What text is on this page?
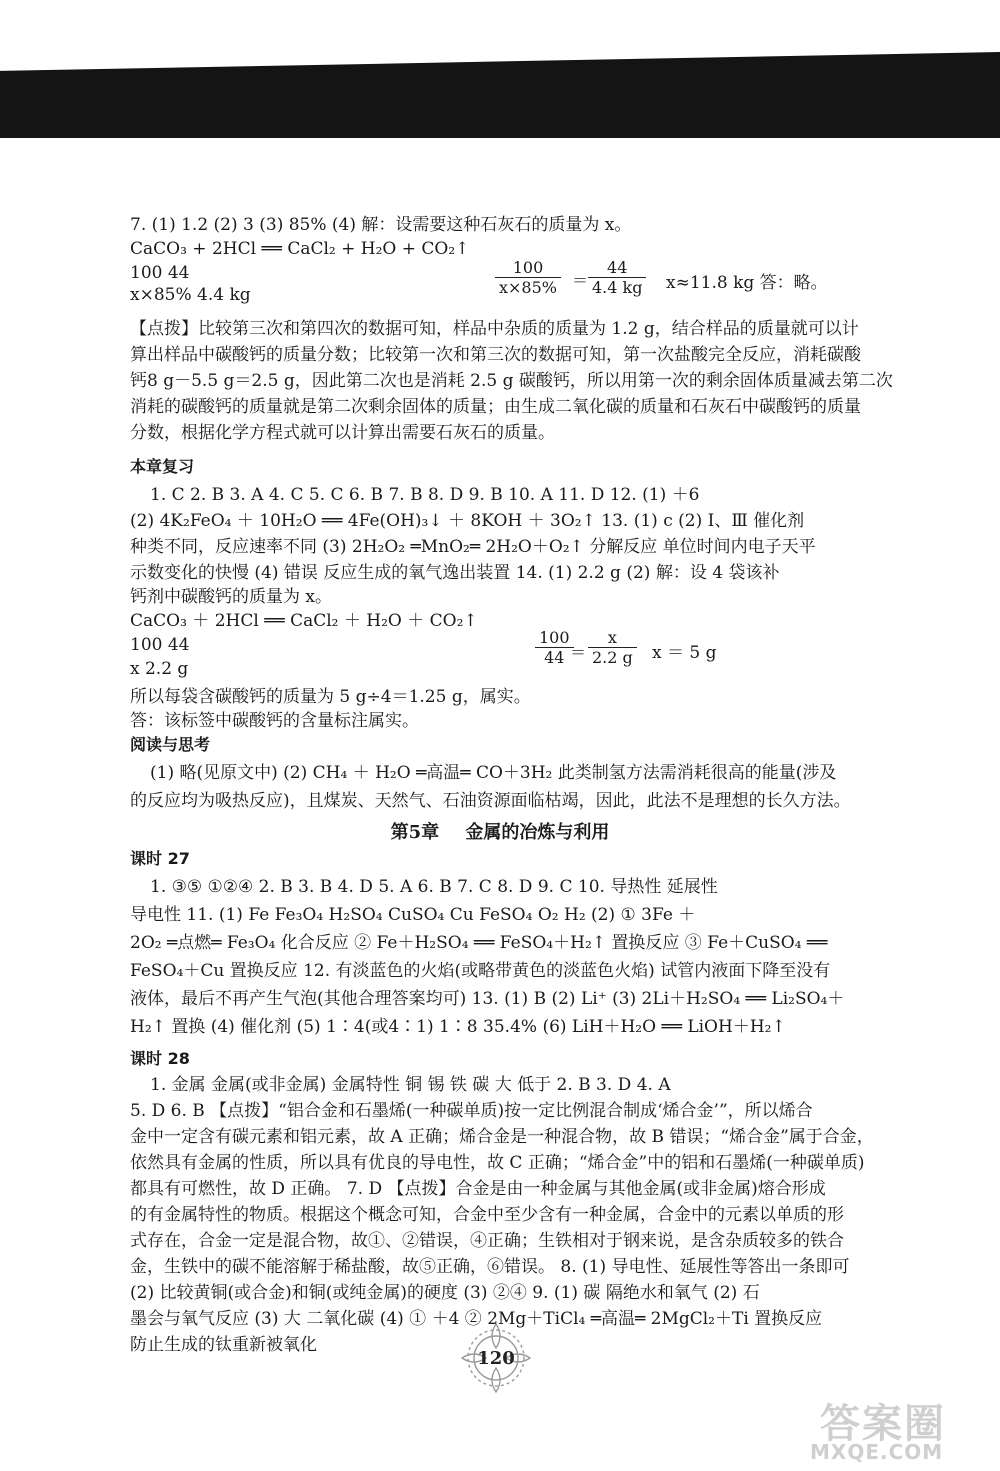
7. (1) 1.2 (2) 3 (3) 85% (4) 解：设需要这种石灰石的质量为 x。
CaCO₃ + 2HCl ══ CaCl₂ + H₂O + CO₂↑
100 44
x×85% 4.4 kg	$\frac{100}{x\times 85\%} = \frac{44}{4.4 kg} x\approx 11.8$ kg 答：略。
【点拨】比较第三次和第四次的数据可知，样品中杂质的质量为 1.2 g，结合样品的质量就可以计
算出样品中碳酸钙的质量分数；比较第一次和第三次的数据可知，第一次盐酸完全反应，消耗碳酸
钙8 g－5.5 g＝2.5 g，因此第二次也是消耗 2.5 g 碳酸钙，所以用第一次的剩余固体质量减去第二次
消耗的碳酸钙的质量就是第二次剩余固体的质量；由生成二氧化碳的质量和石灰石中碳酸钙的质量
分数，根据化学方程式就可以计算出需要石灰石的质量。
本章复习
1. C 2. B 3. A 4. C 5. C 6. B 7. B 8. D 9. B 10. A 11. D 12. (1) ＋6
(2) 4K₂FeO₄ ＋ 10H₂O ══ 4Fe(OH)₃↓ ＋ 8KOH ＋ 3O₂↑ 13. (1) c (2) Ⅰ、Ⅲ 催化剂
种类不同，反应速率不同 (3) 2H₂O₂ ═MnO₂═ 2H₂O＋O₂↑ 分解反应 单位时间内电子天平
示数变化的快慢 (4) 错误 反应生成的氧气逸出装置 14. (1) 2.2 g (2) 解：设 4 袋该补
钙剂中碳酸钙的质量为 x。
CaCO₃ ＋ 2HCl ══ CaCl₂ ＋ H₂O ＋ CO₂↑
100 44
x 2.2 g
$\frac{100}{44}$
＝ $\frac{x}{2.2 g}$ x ＝ 5 g
所以每袋含碳酸钙的质量为 5 g÷4＝1.25 g，属实。
答：该标签中碳酸钙的含量标注属实。
阅读与思考
(1) 略(见原文中) (2) CH₄ ＋ H₂O ═高温═ CO＋3H₂ 此类制氢方法需消耗很高的能量(涉及
的反应均为吸热反应)，且煤炭、天然气、石油资源面临枯竭，因此，此法不是理想的长久方法。
第5章 金属的冶炼与利用
课时 27
1. ③⑤ ①②④ 2. B 3. B 4. D 5. A 6. B 7. C 8. D 9. C 10. 导热性 延展性
导电性 11. (1) Fe Fe₃O₄ H₂SO₄ CuSO₄ Cu FeSO₄ O₂ H₂ (2) ① 3Fe ＋
2O₂ ═点燃═ Fe₃O₄ 化合反应 ② Fe＋H₂SO₄ ══ FeSO₄＋H₂↑ 置换反应 ③ Fe＋CuSO₄ ══
FeSO₄＋Cu 置换反应 12. 有淡蓝色的火焰(或略带黄色的淡蓝色火焰) 试管内液面下降至没有
液体，最后不再产生气泡(其他合理答案均可) 13. (1) B (2) Li⁺ (3) 2Li＋H₂SO₄ ══ Li₂SO₄＋
H₂↑ 置换 (4) 催化剂 (5) 1∶4(或4∶1) 1∶8 35.4% (6) LiH＋H₂O ══ LiOH＋H₂↑
课时 28
1. 金属 金属(或非金属) 金属特性 铜 锡 铁 碳 大 低于 2. B 3. D 4. A
5. D 6. B 【点拨】“铝合金和石墨烯(一种碳单质)按一定比例混合制成‘烯合金’”，所以烯合
金中一定含有碳元素和铝元素，故 A 正确；烯合金是一种混合物，故 B 错误；“烯合金”属于合金，
依然具有金属的性质，所以具有优良的导电性，故 C 正确；“烯合金”中的铝和石墨烯(一种碳单质)
都具有可燃性，故 D 正确。 7. D 【点拨】合金是由一种金属与其他金属(或非金属)熔合形成
的有金属特性的物质。根据这个概念可知，合金中至少含有一种金属，合金中的元素以单质的形
式存在，合金一定是混合物，故①、②错误，④正确；生铁相对于钢来说，是含杂质较多的铁合
金，生铁中的碳不能溶解于稀盐酸，故⑤正确，⑥错误。 8. (1) 导电性、延展性等答出一条即可
(2) 比较黄铜(或合金)和铜(或纯金属)的硬度 (3) ②④ 9. (1) 碳 隔绝水和氧气 (2) 石
墨会与氧气反应 (3) 大 二氧化碳 (4) ① ＋4 ② 2Mg＋TiCl₄ ═高温═ 2MgCl₂＋Ti 置换反应
防止生成的钛重新被氧化
120
答案圈
MXQE.COM
